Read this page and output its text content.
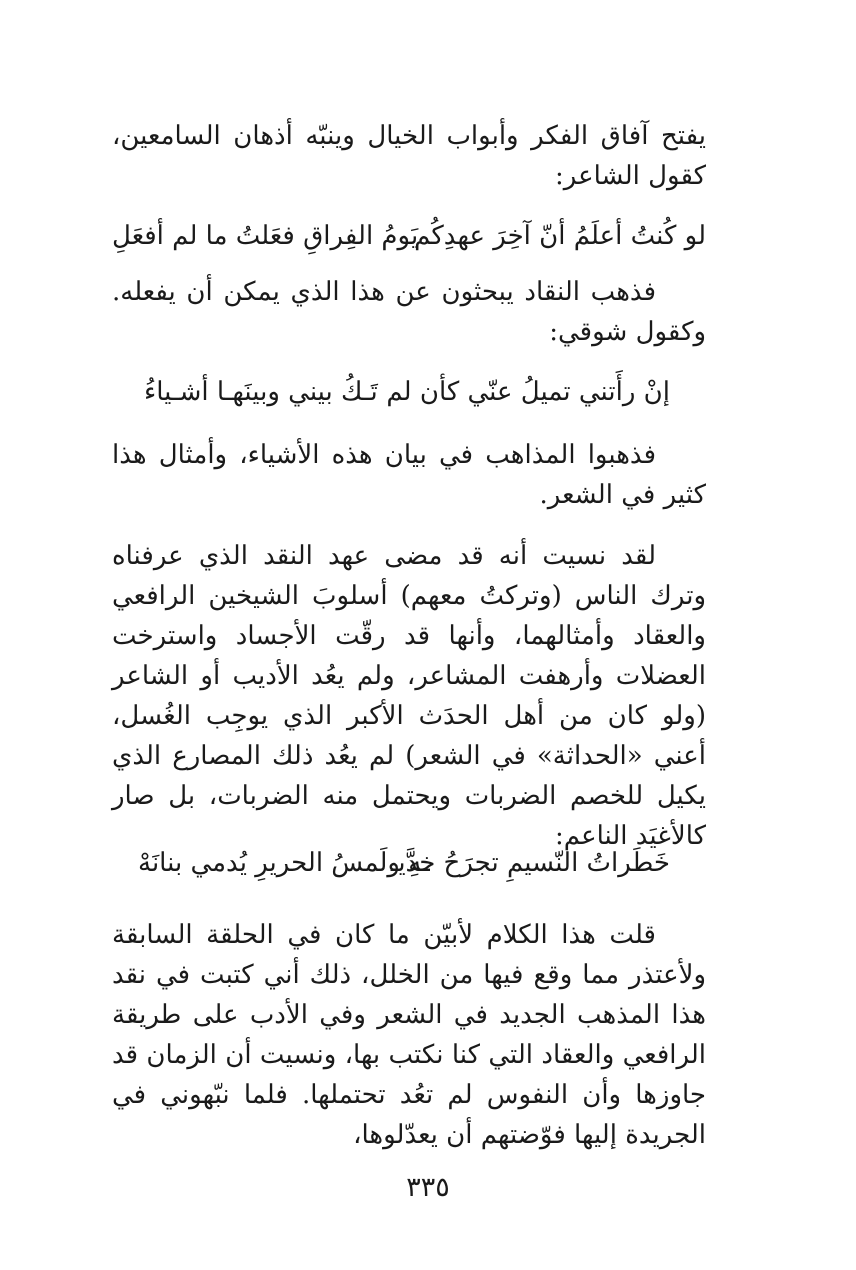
يفتح آفاق الفكر وأبواب الخيال وينبّه أذهان السامعين، كقول الشاعر:

لو كُنتُ أعلَمُ أنّ آخِرَ عهدِكُم
يَومُ الفِراقِ فعَلتُ ما لم أفعَلِ

فذهب النقاد يبحثون عن هذا الذي يمكن أن يفعله. وكقول شوقي:

إنْ رأَتني تميلُ عنّي كأن لم
تَـكُ بيني وبينَهـا أشـياءُ

فذهبوا المذاهب في بيان هذه الأشياء، وأمثال هذا كثير في الشعر.

لقد نسيت أنه قد مضى عهد النقد الذي عرفناه وترك الناس (وتركتُ معهم) أسلوبَ الشيخين الرافعي والعقاد وأمثالهما، وأنها قد رقّت الأجساد واسترخت العضلات وأرهفت المشاعر، ولم يعُد الأديب أو الشاعر (ولو كان من أهل الحدَث الأكبر الذي يوجِب الغُسل، أعني «الحداثة» في الشعر) لم يعُد ذلك المصارع الذي يكيل للخصم الضربات ويحتمل منه الضربات، بل صار كالأغيَد الناعم:

خَطَراتُ النّسيمِ تجرَحُ خدَّيـ
ـهِ ولَمسُ الحريرِ يُدمي بنانَهْ

قلت هذا الكلام لأبيّن ما كان في الحلقة السابقة ولأعتذر مما وقع فيها من الخلل، ذلك أني كتبت في نقد هذا المذهب الجديد في الشعر وفي الأدب على طريقة الرافعي والعقاد التي كنا نكتب بها، ونسيت أن الزمان قد جاوزها وأن النفوس لم تعُد تحتملها. فلما نبّهوني في الجريدة إليها فوّضتهم أن يعدّلوها،

٣٣٥
